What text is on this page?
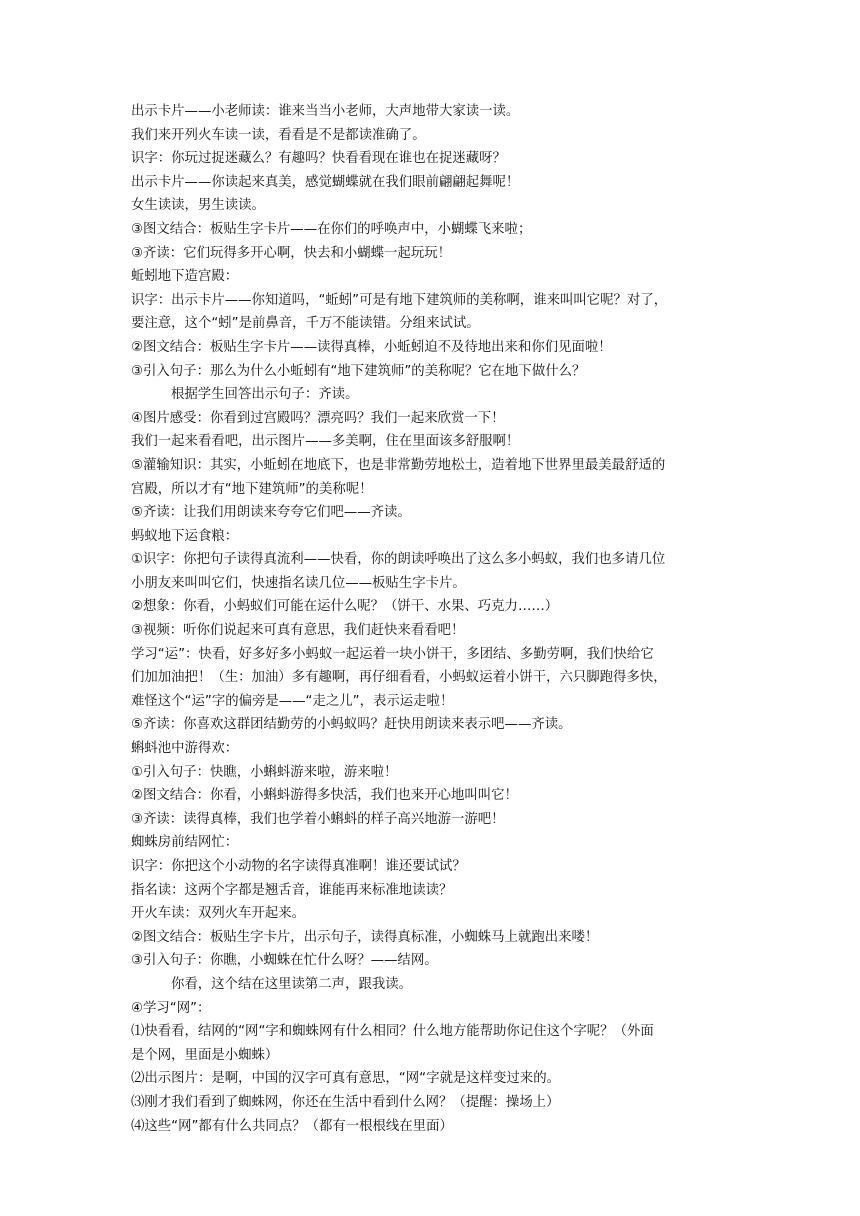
出示卡片——小老师读：谁来当当小老师，大声地带大家读一读。
我们来开列火车读一读，看看是不是都读准确了。
识字：你玩过捉迷藏么？有趣吗？快看看现在谁也在捉迷藏呀？
出示卡片——你读起来真美，感觉蝴蝶就在我们眼前翩翩起舞呢！
女生读读，男生读读。
③图文结合：板贴生字卡片——在你们的呼唤声中，小蝴蝶飞来啦；
③齐读：它们玩得多开心啊，快去和小蝴蝶一起玩玩！
蚯蚓地下造宫殿：
识字：出示卡片——你知道吗，“蚯蚓”可是有地下建筑师的美称啊，谁来叫叫它呢？对了，
要注意，这个“蚓”是前鼻音，千万不能读错。分组来试试。
②图文结合：板贴生字卡片——读得真棒，小蚯蚓迫不及待地出来和你们见面啦！
③引入句子：那么为什么小蚯蚓有“地下建筑师”的美称呢？它在地下做什么？
根据学生回答出示句子：齐读。
④图片感受：你看到过宫殿吗？漂亮吗？我们一起来欣赏一下！
我们一起来看看吧，出示图片——多美啊，住在里面该多舒服啊！
⑤灌输知识：其实，小蚯蚓在地底下，也是非常勤劳地松土，造着地下世界里最美最舒适的
宫殿，所以才有“地下建筑师”的美称呢！
⑤齐读：让我们用朗读来夸夸它们吧——齐读。
蚂蚁地下运食粮：
①识字：你把句子读得真流利——快看，你的朗读呼唤出了这么多小蚂蚁，我们也多请几位
小朋友来叫叫它们，快速指名读几位——板贴生字卡片。
②想象：你看，小蚂蚁们可能在运什么呢？（饼干、水果、巧克力……）
③视频：听你们说起来可真有意思，我们赶快来看看吧！
学习“运”：快看，好多好多小蚂蚁一起运着一块小饼干，多团结、多勤劳啊，我们快给它
们加加油把！（生：加油）多有趣啊，再仔细看看，小蚂蚁运着小饼干，六只脚跑得多快，
难怪这个“运”字的偏旁是——“走之儿”，表示运走啦！
⑤齐读：你喜欢这群团结勤劳的小蚂蚁吗？赶快用朗读来表示吧——齐读。
蝌蚪池中游得欢：
①引入句子：快瞧，小蝌蚪游来啦，游来啦！
②图文结合：你看，小蝌蚪游得多快活，我们也来开心地叫叫它！
③齐读：读得真棒，我们也学着小蝌蚪的样子高兴地游一游吧！
蜘蛛房前结网忙：
识字：你把这个小动物的名字读得真准啊！谁还要试试？
指名读：这两个字都是翘舌音，谁能再来标准地读读？
开火车读：双列火车开起来。
②图文结合：板贴生字卡片，出示句子，读得真标准，小蜘蛛马上就跑出来喽！
③引入句子：你瞧，小蜘蛛在忙什么呀？——结网。
你看，这个结在这里读第二声，跟我读。
④学习“网”：
⑴快看看，结网的“网“字和蜘蛛网有什么相同？什么地方能帮助你记住这个字呢？（外面
是个网，里面是小蜘蛛）
⑵出示图片：是啊，中国的汉字可真有意思，“网“字就是这样变过来的。
⑶刚才我们看到了蜘蛛网，你还在生活中看到什么网？（提醒：操场上）
⑷这些“网”都有什么共同点？（都有一根根线在里面）
